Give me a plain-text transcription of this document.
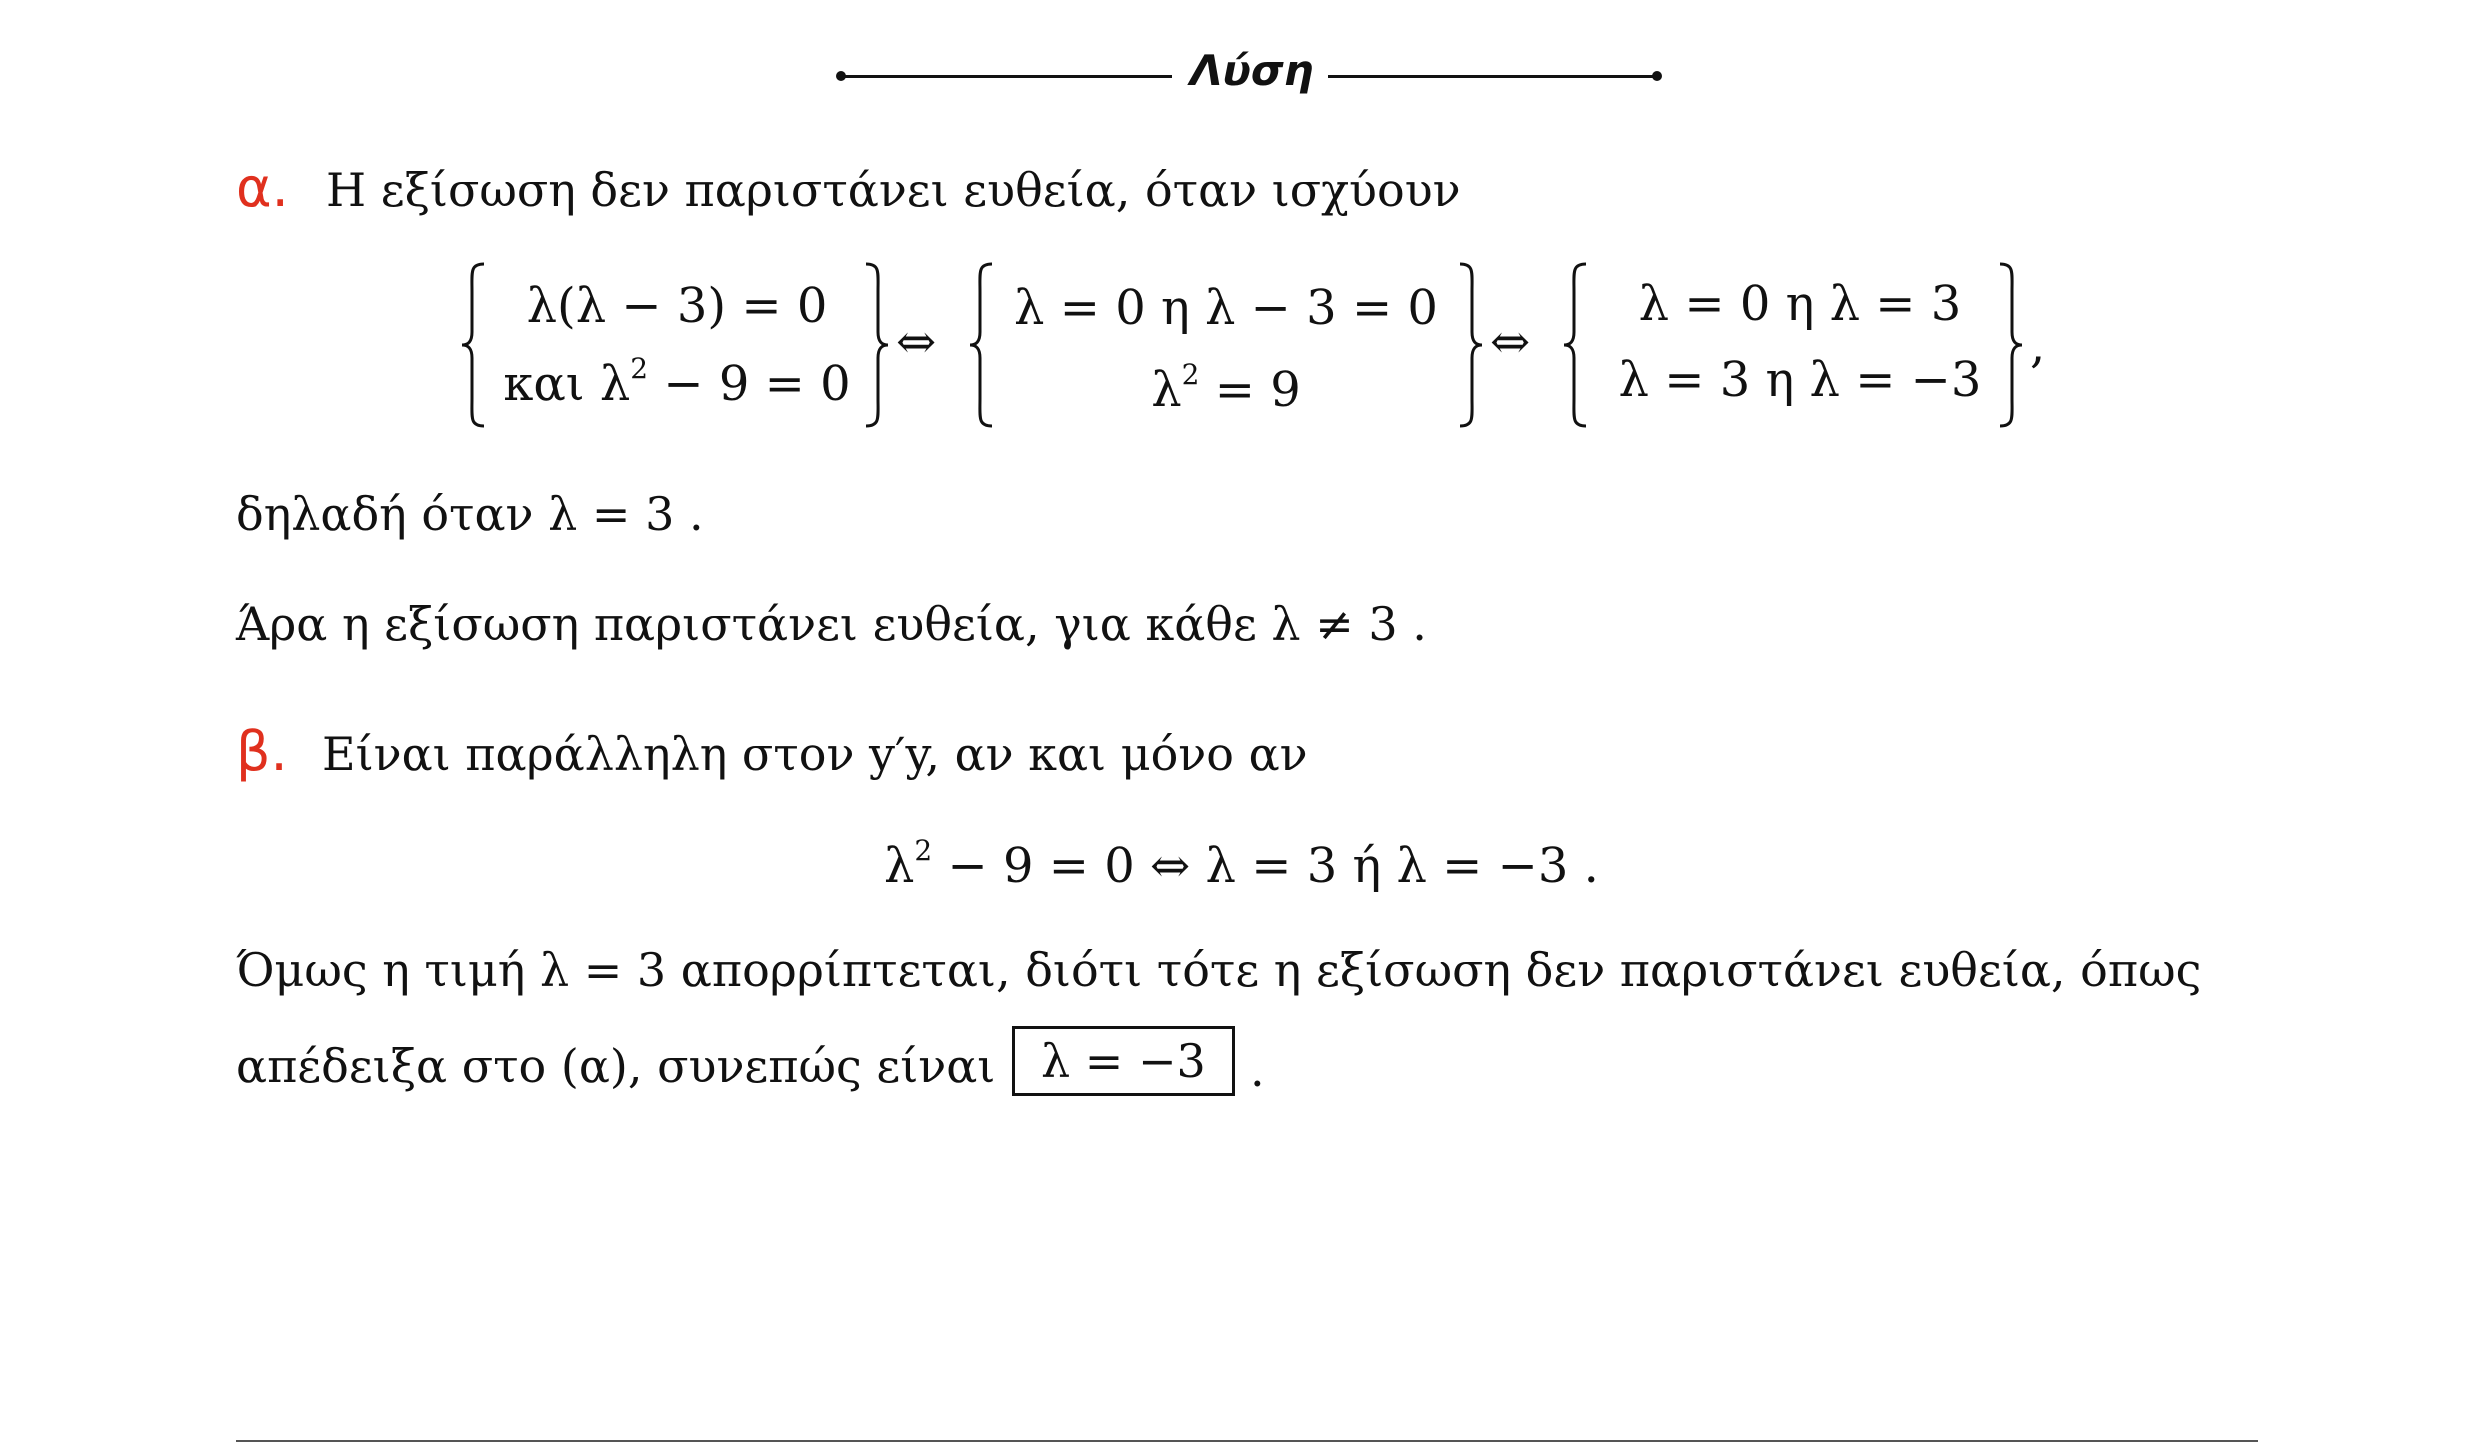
Λύση
α. Η εξίσωση δεν παριστάνει ευθεία, όταν ισχύουν
λ(λ − 3) = 0
και $\lambda^2 - 9 = 0$
⇔
λ = 0 η λ − 3 = 0
$\lambda^2 = 9$
⇔
λ = 0 η λ = 3
λ = 3 η λ = −3
,
δηλαδή όταν λ = 3 .
Άρα η εξίσωση παριστάνει ευθεία, για κάθε λ ≠ 3 .
β. Είναι παράλληλη στον y′y, αν και μόνο αν
$\lambda^2 - 9 = 0$ ⇔ λ = 3 ή λ = −3 .
Όμως η τιμή λ = 3 απορρίπτεται, διότι τότε η εξίσωση δεν παριστάνει ευθεία, όπως
απέδειξα στο (α), συνεπώς είναι λ = −3 .
